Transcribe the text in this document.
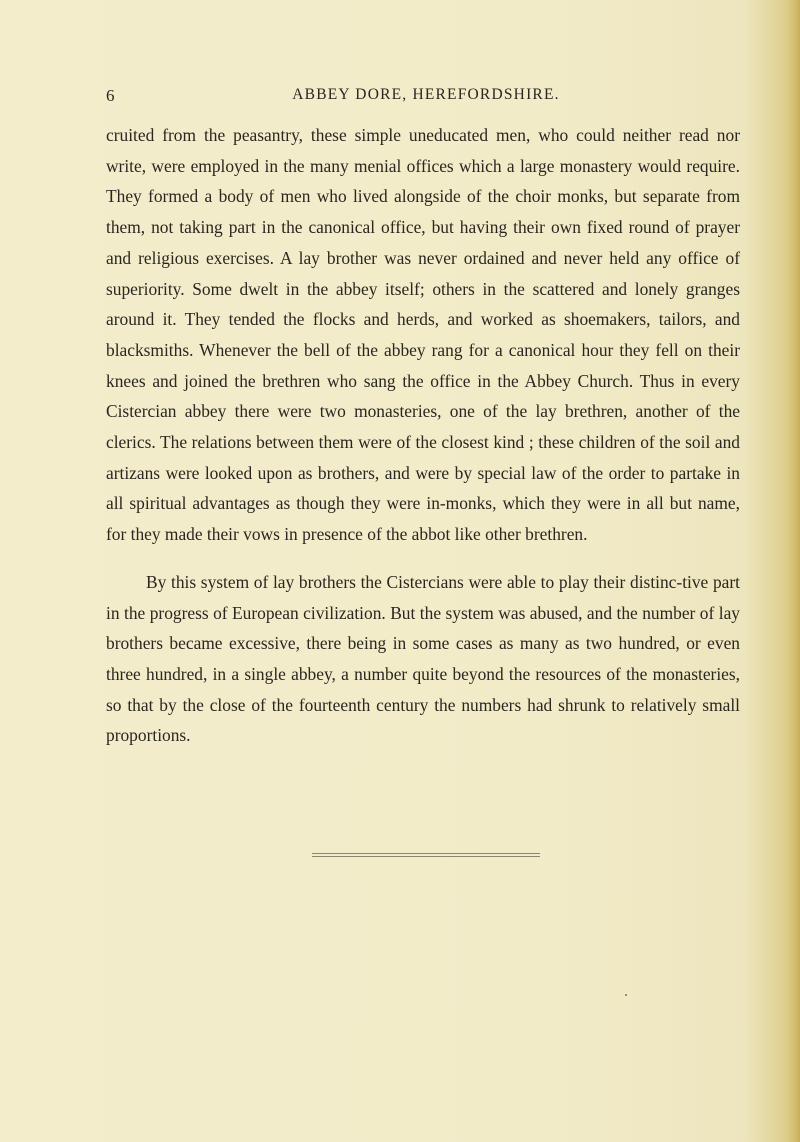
6	ABBEY DORE, HEREFORDSHIRE.

cruited from the peasantry, these simple uneducated men, who could neither read nor write, were employed in the many menial offices which a large monastery would require. They formed a body of men who lived alongside of the choir monks, but separate from them, not taking part in the canonical office, but having their own fixed round of prayer and religious exercises. A lay brother was never ordained and never held any office of superiority. Some dwelt in the abbey itself; others in the scattered and lonely granges around it. They tended the flocks and herds, and worked as shoemakers, tailors, and blacksmiths. Whenever the bell of the abbey rang for a canonical hour they fell on their knees and joined the brethren who sang the office in the Abbey Church. Thus in every Cistercian abbey there were two monasteries, one of the lay brethren, another of the clerics. The relations between them were of the closest kind ; these children of the soil and artizans were looked upon as brothers, and were by special law of the order to partake in all spiritual advantages as though they were in-monks, which they were in all but name, for they made their vows in presence of the abbot like other brethren.

By this system of lay brothers the Cistercians were able to play their distinc-tive part in the progress of European civilization. But the system was abused, and the number of lay brothers became excessive, there being in some cases as many as two hundred, or even three hundred, in a single abbey, a number quite beyond the resources of the monasteries, so that by the close of the fourteenth century the numbers had shrunk to relatively small proportions.
